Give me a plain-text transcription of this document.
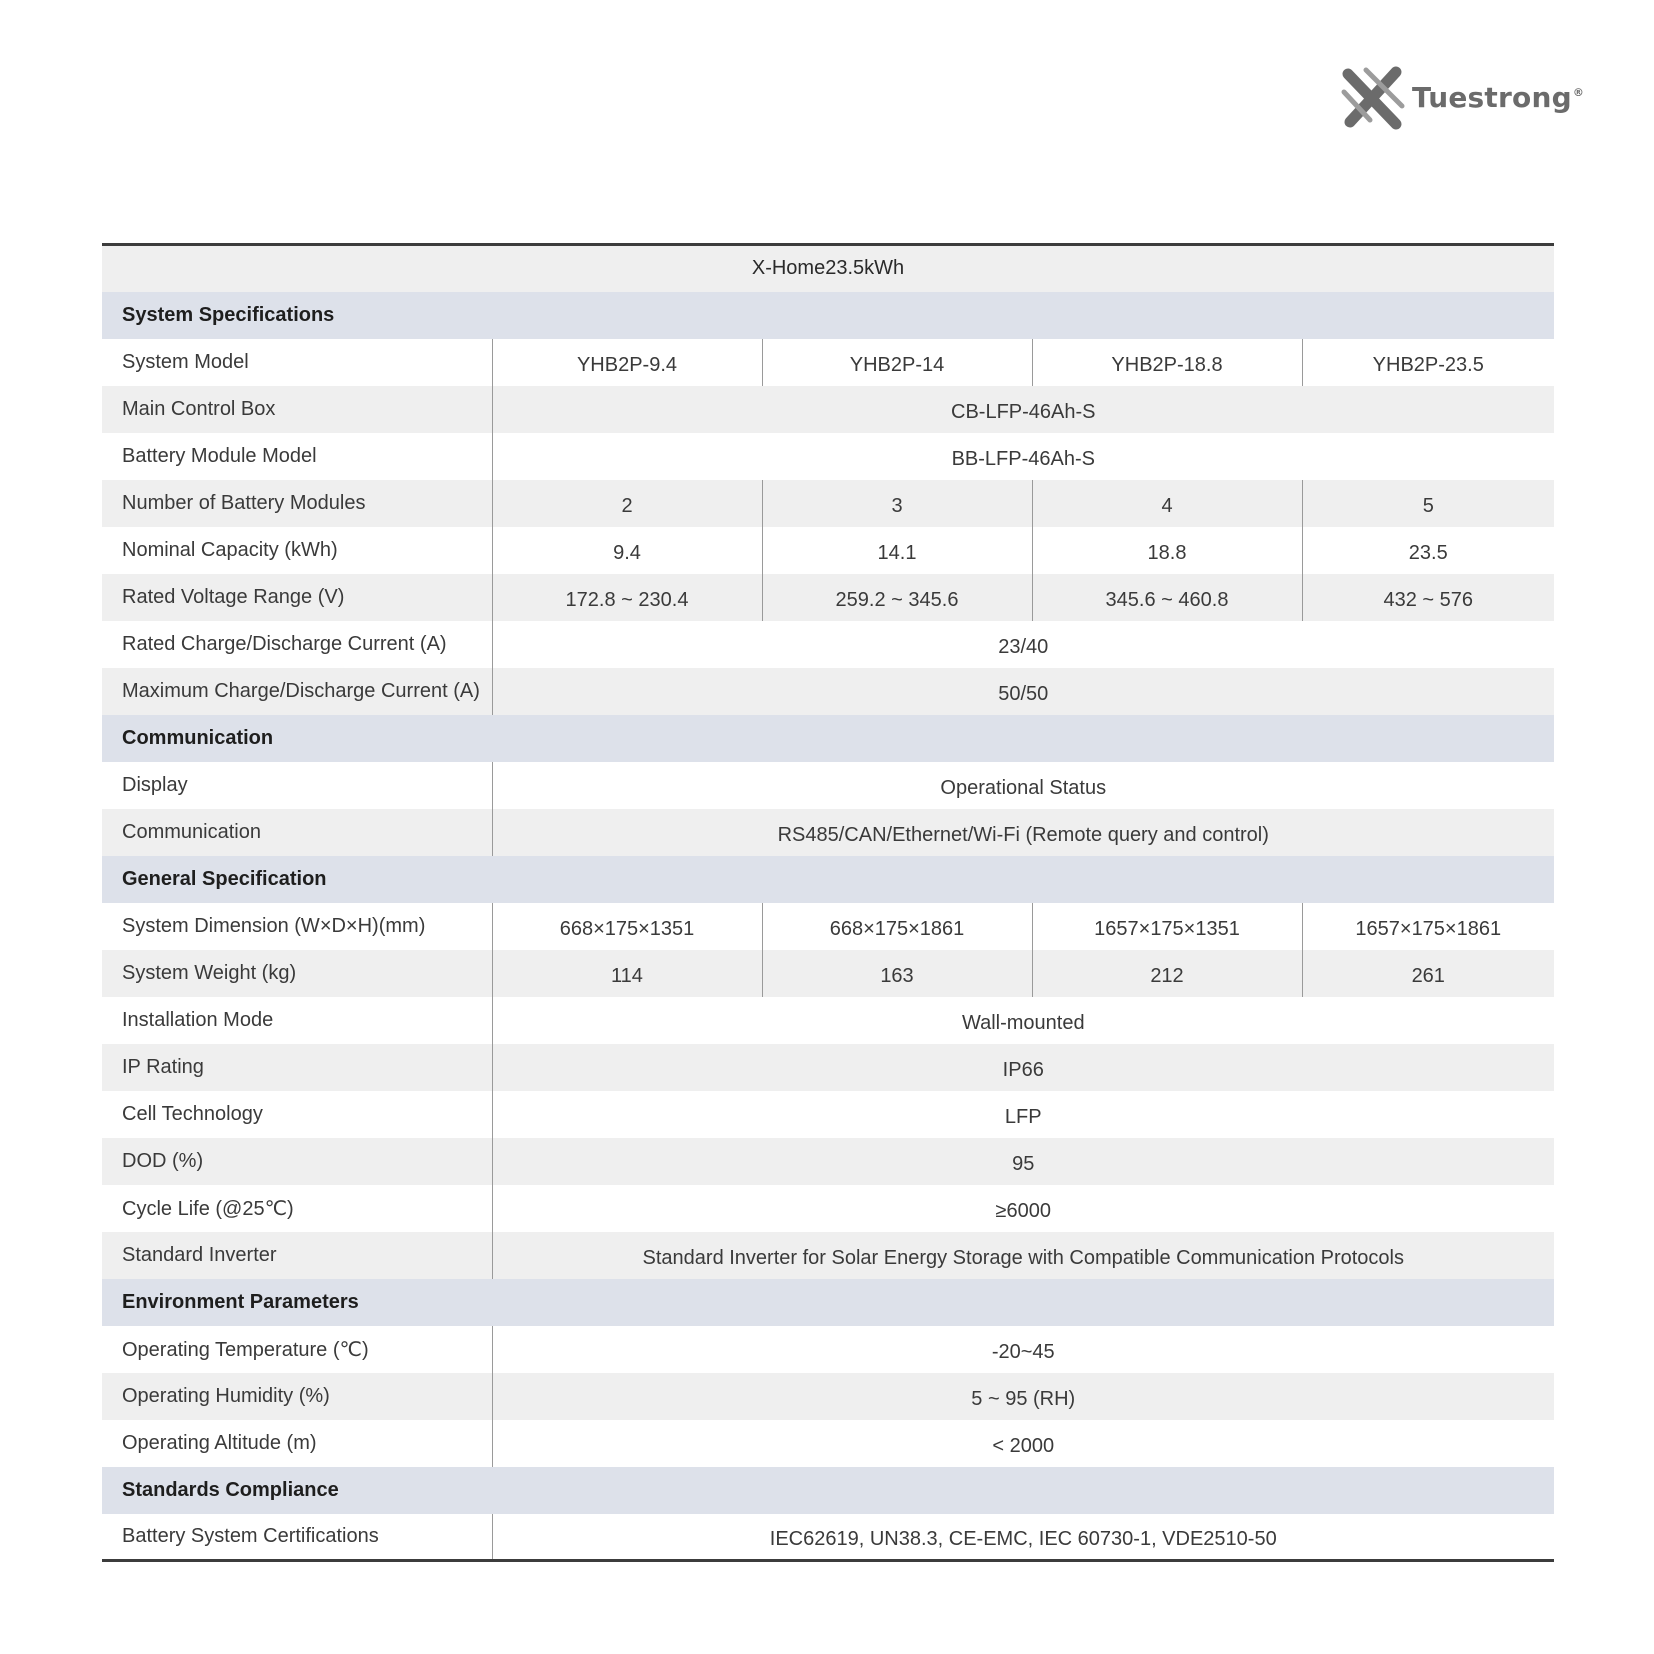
Tuestrong®
X-Home23.5kWh				
System Specifications				
System Model	YHB2P-9.4	YHB2P-14	YHB2P-18.8	YHB2P-23.5
Main Control Box	CB-LFP-46Ah-S			
Battery Module Model	BB-LFP-46Ah-S			
Number of Battery Modules	2	3	4	5
Nominal Capacity (kWh)	9.4	14.1	18.8	23.5
Rated Voltage Range (V)	172.8 ~ 230.4	259.2 ~ 345.6	345.6 ~ 460.8	432 ~ 576
Rated Charge/Discharge Current (A)	23/40			
Maximum Charge/Discharge Current (A)	50/50			
Communication				
Display	Operational Status			
Communication	RS485/CAN/Ethernet/Wi-Fi (Remote query and control)			
General Specification				
System Dimension (W×D×H)(mm)	668×175×1351	668×175×1861	1657×175×1351	1657×175×1861
System Weight (kg)	114	163	212	261
Installation Mode	Wall-mounted			
IP Rating	IP66			
Cell Technology	LFP			
DOD (%)	95			
Cycle Life (@25℃)	≥6000			
Standard Inverter	Standard Inverter for Solar Energy Storage with Compatible Communication Protocols			
Environment Parameters				
Operating Temperature (℃)	-20~45			
Operating Humidity (%)	5 ~ 95 (RH)			
Operating Altitude (m)	< 2000			
Standards Compliance				
Battery System Certifications	IEC62619, UN38.3, CE-EMC, IEC 60730-1, VDE2510-50			
